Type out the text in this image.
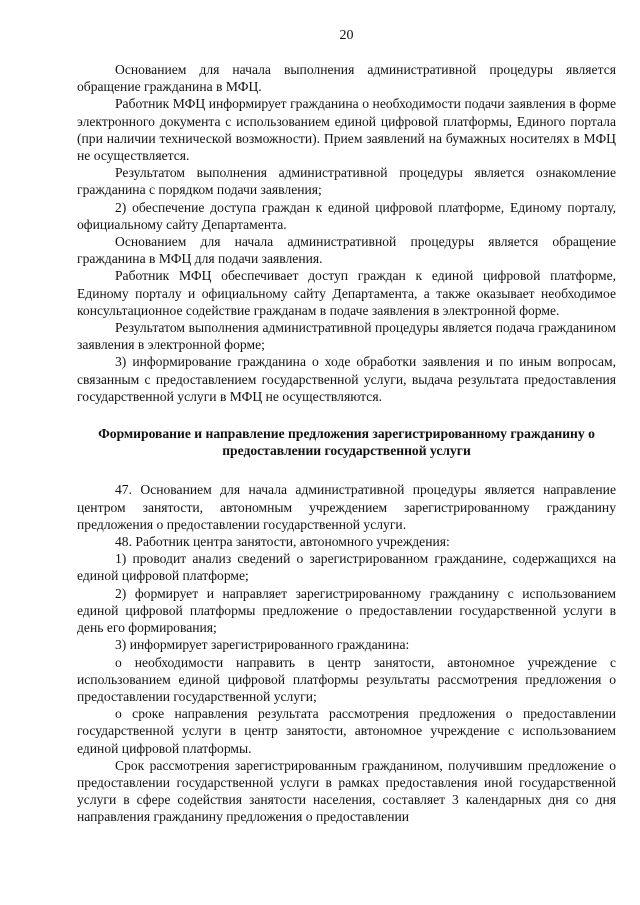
20

Основанием для начала выполнения административной процедуры является обращение гражданина в МФЦ.

Работник МФЦ информирует гражданина о необходимости подачи заявления в форме электронного документа с использованием единой цифровой платформы, Единого портала (при наличии технической возможности). Прием заявлений на бумажных носителях в МФЦ не осуществляется.

Результатом выполнения административной процедуры является ознакомление гражданина с порядком подачи заявления;

2) обеспечение доступа граждан к единой цифровой платформе, Единому порталу, официальному сайту Департамента.

Основанием для начала административной процедуры является обращение гражданина в МФЦ для подачи заявления.

Работник МФЦ обеспечивает доступ граждан к единой цифровой платформе, Единому порталу и официальному сайту Департамента, а также оказывает необходимое консультационное содействие гражданам в подаче заявления в электронной форме.

Результатом выполнения административной процедуры является подача гражданином заявления в электронной форме;

3) информирование гражданина о ходе обработки заявления и по иным вопросам, связанным с предоставлением государственной услуги, выдача результата предоставления государственной услуги в МФЦ не осуществляются.

Формирование и направление предложения зарегистрированному гражданину о предоставлении государственной услуги

47. Основанием для начала административной процедуры является направление центром занятости, автономным учреждением зарегистрированному гражданину предложения о предоставлении государственной услуги.

48. Работник центра занятости, автономного учреждения:

1) проводит анализ сведений о зарегистрированном гражданине, содержащихся на единой цифровой платформе;

2) формирует и направляет зарегистрированному гражданину с использованием единой цифровой платформы предложение о предоставлении государственной услуги в день его формирования;

3) информирует зарегистрированного гражданина:

о необходимости направить в центр занятости, автономное учреждение с использованием единой цифровой платформы результаты рассмотрения предложения о предоставлении государственной услуги;

о сроке направления результата рассмотрения предложения о предоставлении государственной услуги в центр занятости, автономное учреждение с использованием единой цифровой платформы.

Срок рассмотрения зарегистрированным гражданином, получившим предложение о предоставлении государственной услуги в рамках предоставления иной государственной услуги в сфере содействия занятости населения, составляет 3 календарных дня со дня направления гражданину предложения о предоставлении
